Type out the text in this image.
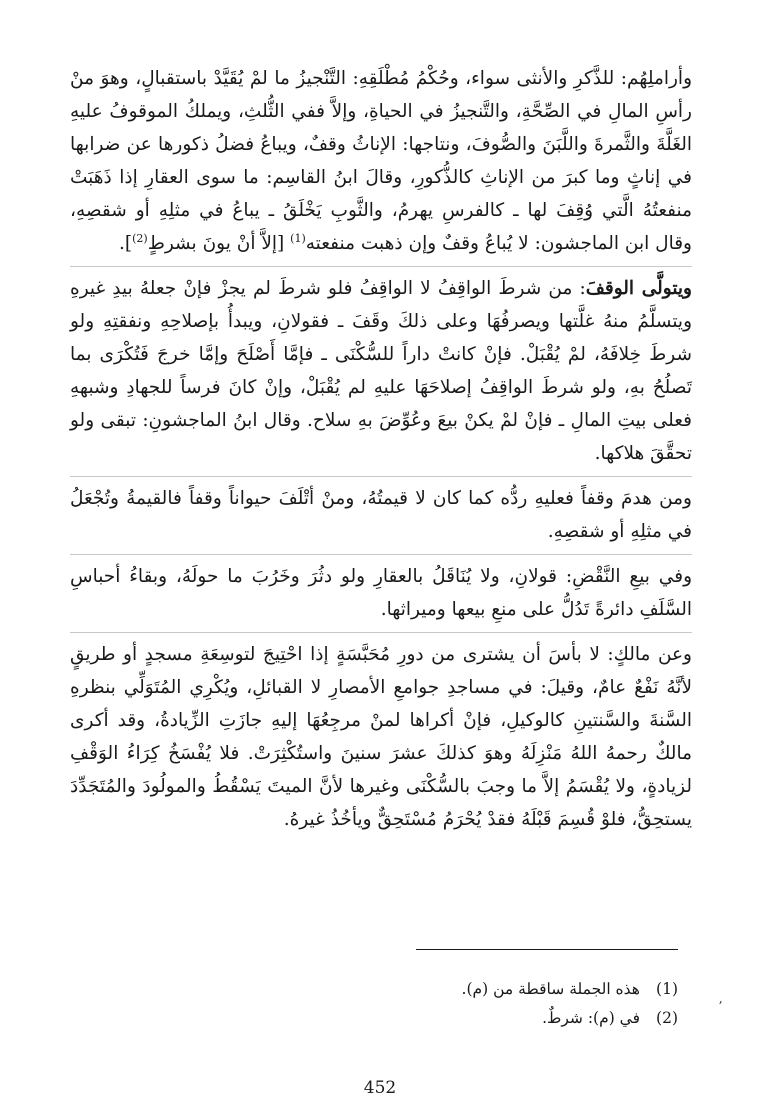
وأراملِهُم: للذَّكرِ والأنثى سواء، وحُكْمُ مُطْلَقِهِ: التَّنْجيزُ ما لمْ يُقَيَّدْ باستقبالٍ، وهوَ منْ رأسِ المالِ في الصِّحَّةِ، والتَّنجيزُ في الحياةِ، وإلاَّ ففي الثُّلثِ، ويملكُ الموقوفُ عليهِ الغَلَّةَ والثَّمرةَ واللَّبَنَ والصُّوفَ، ونتاجها: الإناثُ وقفٌ، ويباعُ فضلُ ذكورها عن ضرابها في إناثٍ وما كبرَ من الإناثِ كالذُّكورِ، وقالَ ابنُ القاسِم: ما سوى العقارِ إذا ذَهَبَتْ منفعتُهُ الَّتي وُقِفَ لها ـ كالفرسِ يهرمُ، والثَّوبِ يَخْلَقُ ـ يباعُ في مثلِهِ أو شقصِهِ، وقال ابن الماجشون: لا يُباعُ وقفٌ وإن ذهبت منفعته$^{(1)}$ [إلاَّ أنْ يونَ بشرطٍ$^{(2)}$].

ويتولَّى الوقفَ: من شرطَ الواقِفُ لا الواقِفُ فلو شرطَ لم يجزْ فإنْ جعلهُ بيدِ غيرهِ ويتسلَّمُ منهُ غلَّتها ويصرفُهَا وعلى ذلكَ وقَفَ ـ فقولانِ، ويبدأُ بإصلاحِهِ ونفقتِهِ ولو شرطَ خِلافَهُ، لمْ يُقْبَلْ. فإنْ كانتْ داراً للسُّكْنَى ـ فإمَّا أَصْلَحَ وإمَّا خرجَ فَتُكْرَى بما تَصلُحُ بهِ، ولو شرطَ الواقِفُ إصلاحَهَا عليهِ لم يُقْبَلْ، وإنْ كانَ فرساً للجهادِ وشبههِ فعلى بيتِ المالِ ـ فإنْ لمْ يكنْ بيعَ وعُوِّضَ بهِ سلاح. وقال ابنُ الماجشونِ: تبقى ولو تحقَّقَ هلاكها.

ومن هدمَ وقفاً فعليهِ ردُّه كما كان لا قيمتُهُ، ومنْ أتْلَفَ حيواناً وقفاً فالقيمةُ وتُجْعَلُ في مثلِهِ أو شقصِهِ.

وفي بيعِ النَّقْضِ: قولانِ، ولا يُنَاقَلُ بالعقارِ ولو دثُرَ وخَرُبَ ما حولَهُ، وبقاءُ أحباسِ السَّلَفِ دائرةً تَدُلُّ على منعِ بيعها وميراثها.

وعن مالكٍ: لا بأسَ أن يشترى من دورِ مُحَبَّسَةٍ إذا احْتِيجَ لتوسِعَةِ مسجدٍ أو طريقٍ لأنَّهُ نَفْعٌ عامٌ، وقيلَ: في مساجدِ جوامعِ الأمصارِ لا القبائلِ، ويُكْرِي المُتَوَلِّي بنظرهِ السَّنةَ والسَّنتينِ كالوكيلِ، فإنْ أكراها لمنْ مرجِعُهَا إليهِ جازَتِ الزِّيادةُ، وقد أكرى مالكٌ رحمهُ اللهُ مَنْزِلَهُ وهوَ كذلكَ عشرَ سنينَ واستُكْثِرَتْ. فلا يُفْسَخُ كِرَاءُ الوَقْفِ لزيادةٍ، ولا يُقْسَمُ إلاَّ ما وجبَ بالسُّكْنَى وغيرها لأنَّ الميتَ يَسْقُطُ والمولُودَ والمُتَجَدِّدَ يستحِقُّ، فلوْ قُسِمَ قَبْلَهُ فقدْ يُحْرَمُ مُسْتَحِقٌّ ويأخُذُ غيرهُ.

(1)هذه الجملة ساقطة من (م).
(2)في (م): شرطٌ.
ʼ
452
